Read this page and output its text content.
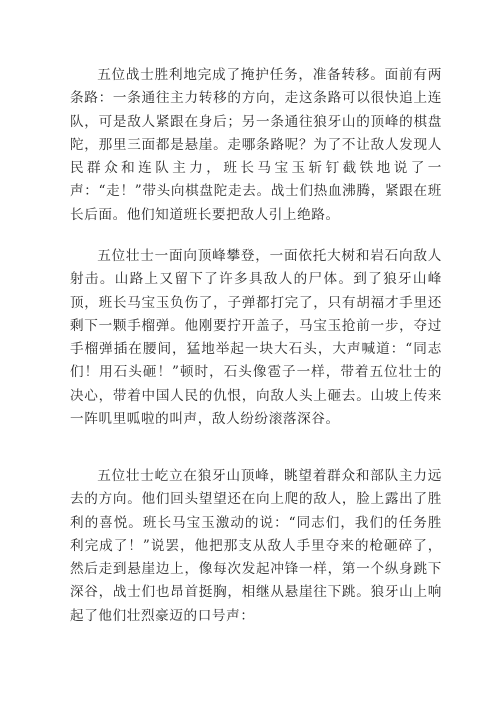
五位战士胜利地完成了掩护任务，准备转移。面前有两条路：一条通往主力转移的方向，走这条路可以很快追上连队，可是敌人紧跟在身后；另一条通往狼牙山的顶峰的棋盘陀，那里三面都是悬崖。走哪条路呢？为了不让敌人发现人民群众和连队主力，班长马宝玉斩钉截铁地说了一声：“走！”带头向棋盘陀走去。战士们热血沸腾，紧跟在班长后面。他们知道班长要把敌人引上绝路。

五位壮士一面向顶峰攀登，一面依托大树和岩石向敌人射击。山路上又留下了许多具敌人的尸体。到了狼牙山峰顶，班长马宝玉负伤了，子弹都打完了，只有胡福才手里还剩下一颗手榴弹。他刚要拧开盖子，马宝玉抢前一步，夺过手榴弹插在腰间，猛地举起一块大石头，大声喊道：“同志们！用石头砸！”顿时，石头像雹子一样，带着五位壮士的决心，带着中国人民的仇恨，向敌人头上砸去。山坡上传来一阵叽里呱啦的叫声，敌人纷纷滚落深谷。

五位壮士屹立在狼牙山顶峰，眺望着群众和部队主力远去的方向。他们回头望望还在向上爬的敌人，脸上露出了胜利的喜悦。班长马宝玉激动的说：“同志们，我们的任务胜利完成了！”说罢，他把那支从敌人手里夺来的枪砸碎了，然后走到悬崖边上，像每次发起冲锋一样，第一个纵身跳下深谷，战士们也昂首挺胸，相继从悬崖往下跳。狼牙山上响起了他们壮烈豪迈的口号声：
